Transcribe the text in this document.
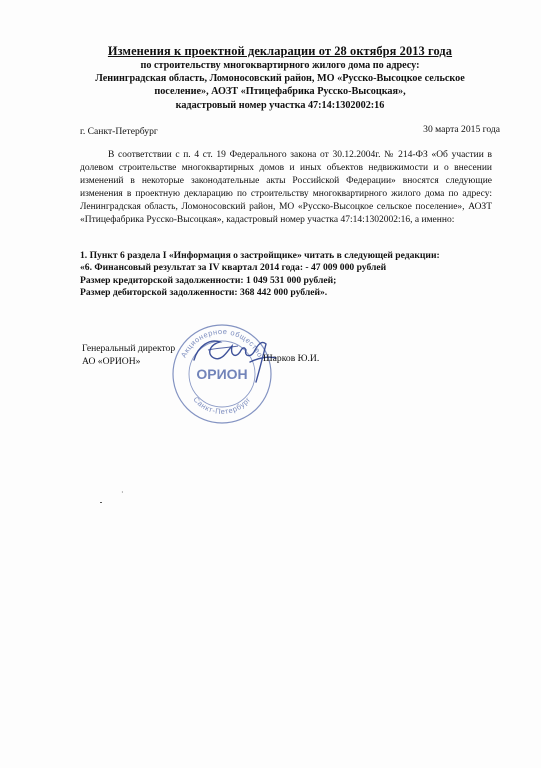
Изменения к проектной декларации от 28 октября 2013 года
по строительству многоквартирного жилого дома по адресу:
Ленинградская область, Ломоносовский район, МО «Русско-Высоцкое сельское
поселение», АОЗТ «Птицефабрика Русско-Высоцкая»,
кадастровый номер участка 47:14:1302002:16
г. Санкт-Петербург	30 марта 2015 года
В соответствии с п. 4 ст. 19 Федерального закона от 30.12.2004г. № 214-ФЗ «Об участии в долевом строительстве многоквартирных домов и иных объектов недвижимости и о внесении изменений в некоторые законодательные акты Российской Федерации» вносятся следующие изменения в проектную декларацию по строительству многоквартирного жилого дома по адресу: Ленинградская область, Ломоносовский район, МО «Русско-Высоцкое сельское поселение», АОЗТ «Птицефабрика Русско-Высоцкая», кадастровый номер участка 47:14:1302002:16, а именно:
1. Пункт 6 раздела I «Информация о застройщике» читать в следующей редакции:
«6. Финансовый результат за IV квартал 2014 года: - 47 009 000 рублей
Размер кредиторской задолженности: 1 049 531 000 рублей;
Размер дебиторской задолженности: 368 442 000 рублей».
Генеральный директор
АО «ОРИОН»
Акционерное общество
Санкт-Петербург
ОРИОН
Шарков Ю.И.
·
